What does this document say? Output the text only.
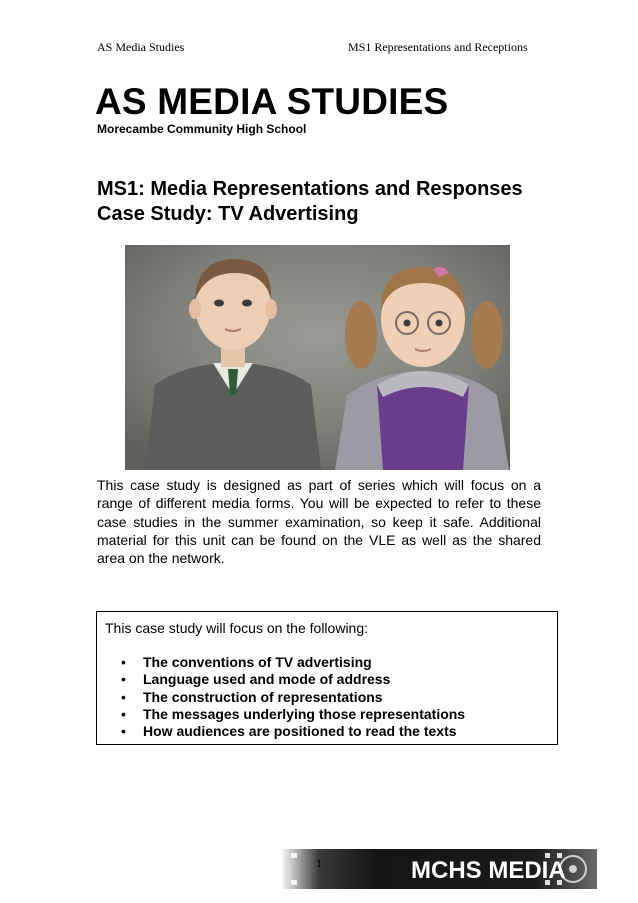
AS Media Studies	MS1 Representations and Receptions
AS MEDIA STUDIES
Morecambe Community High School
MS1: Media Representations and Responses
Case Study: TV Advertising
This case study is designed as part of series which will focus on a range of different media forms. You will be expected to refer to these case studies in the summer examination, so keep it safe. Additional material for this unit can be found on the VLE as well as the shared area on the network.
This case study will focus on the following:
• The conventions of TV advertising
• Language used and mode of address
• The construction of representations
• The messages underlying those representations
• How audiences are positioned to read the texts
MCHS MEDIA
1
